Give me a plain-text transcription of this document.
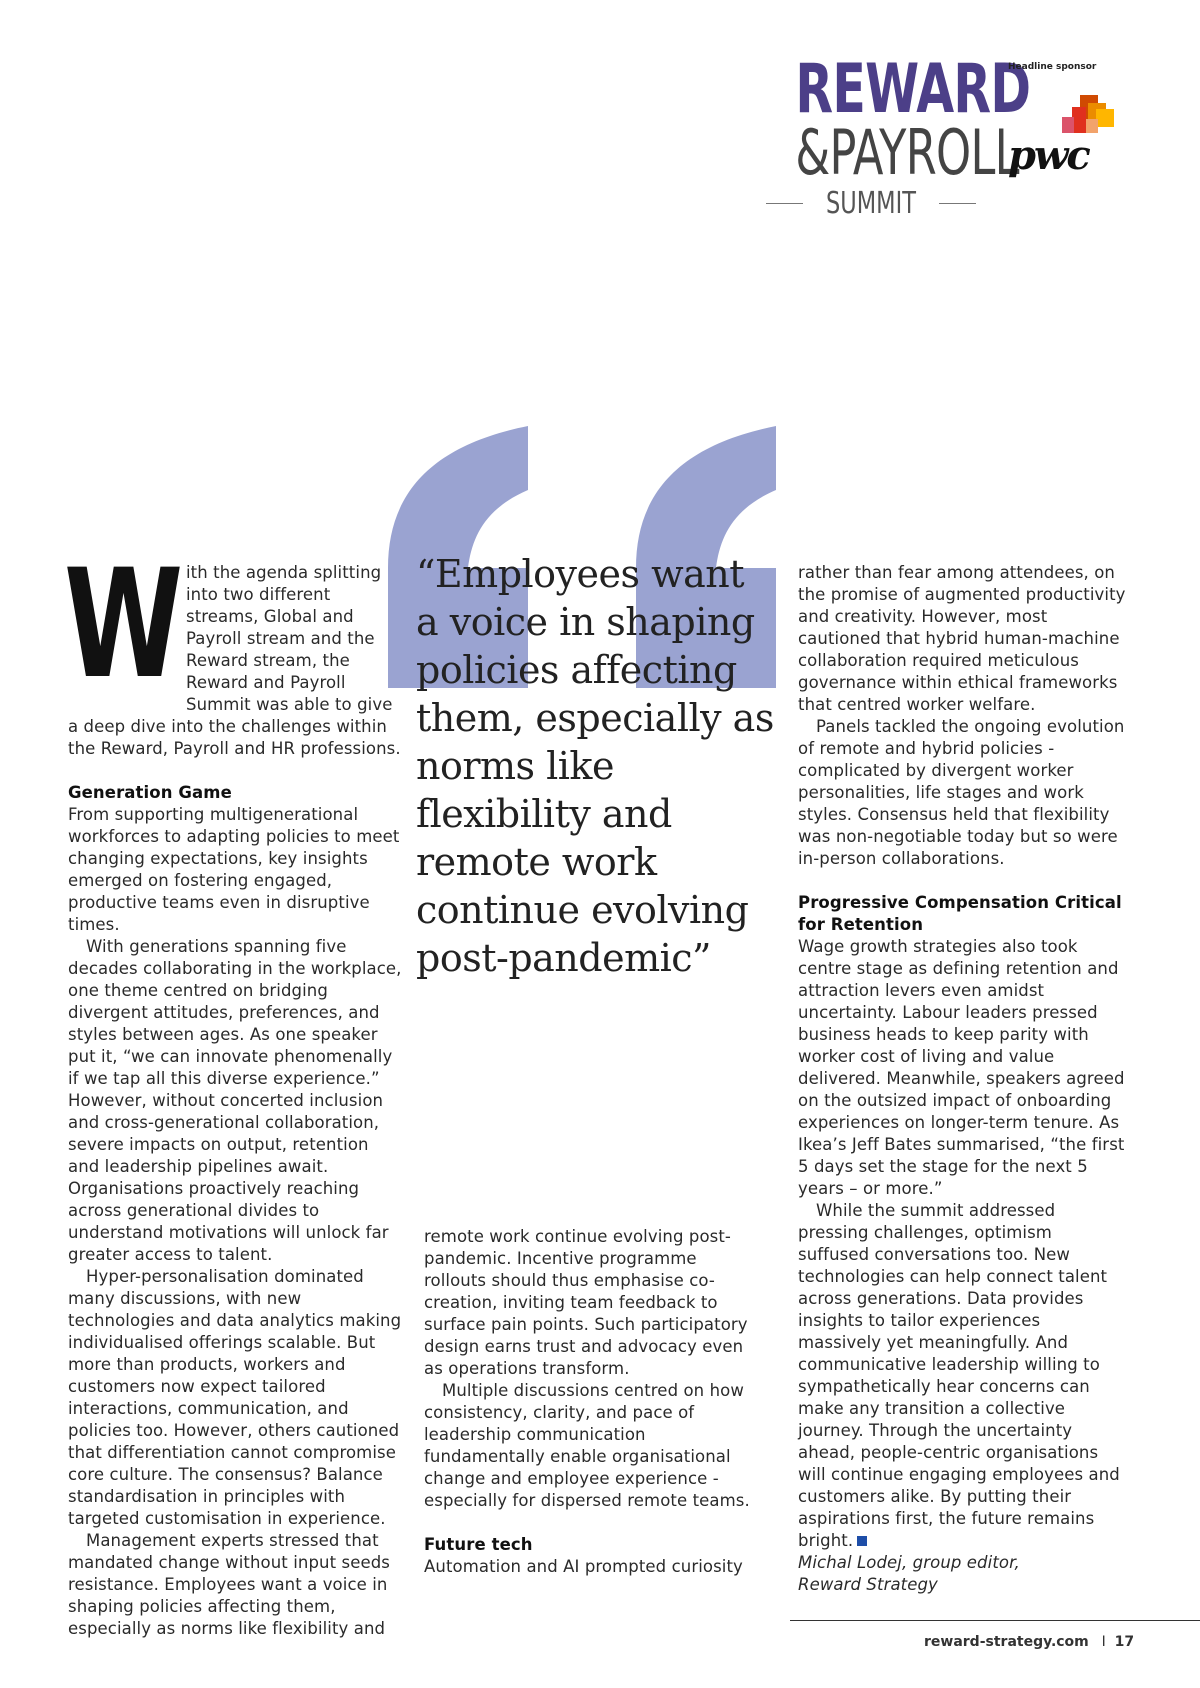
REWARD
&PAYROLL
SUMMIT
Headline sponsor
pwc
“Employees want a voice in shaping policies affecting them, especially as norms like flexibility and remote work continue evolving post-pandemic”
W ith the agenda splitting into two different streams, Global and Payroll stream and the Reward stream, the Reward and Payroll Summit was able to give a deep dive into the challenges within the Reward, Payroll and HR professions.

Generation Game

From supporting multigenerational workforces to adapting policies to meet changing expectations, key insights emerged on fostering engaged, productive teams even in disruptive times.

With generations spanning five decades collaborating in the workplace, one theme centred on bridging divergent attitudes, preferences, and styles between ages. As one speaker put it, “we can innovate phenomenally if we tap all this diverse experience.” However, without concerted inclusion and cross-generational collaboration, severe impacts on output, retention and leadership pipelines await. Organisations proactively reaching across generational divides to understand motivations will unlock far greater access to talent.

Hyper-personalisation dominated many discussions, with new technologies and data analytics making individualised offerings scalable. But more than products, workers and customers now expect tailored interactions, communication, and policies too. However, others cautioned that differentiation cannot compromise core culture. The consensus? Balance standardisation in principles with targeted customisation in experience.

Management experts stressed that mandated change without input seeds resistance. Employees want a voice in shaping policies affecting them, especially as norms like flexibility and

remote work continue evolving post-pandemic. Incentive programme rollouts should thus emphasise co-creation, inviting team feedback to surface pain points. Such participatory design earns trust and advocacy even as operations transform.

Multiple discussions centred on how consistency, clarity, and pace of leadership communication fundamentally enable organisational change and employee experience - especially for dispersed remote teams.

Future tech

Automation and AI prompted curiosity

rather than fear among attendees, on the promise of augmented productivity and creativity. However, most cautioned that hybrid human-machine collaboration required meticulous governance within ethical frameworks that centred worker welfare.

Panels tackled the ongoing evolution of remote and hybrid policies - complicated by divergent worker personalities, life stages and work styles. Consensus held that flexibility was non-negotiable today but so were in-person collaborations.

Progressive Compensation Critical for Retention

Wage growth strategies also took centre stage as defining retention and attraction levers even amidst uncertainty. Labour leaders pressed business heads to keep parity with worker cost of living and value delivered. Meanwhile, speakers agreed on the outsized impact of onboarding experiences on longer-term tenure. As Ikea’s Jeff Bates summarised, “the first 5 days set the stage for the next 5 years – or more.”

While the summit addressed pressing challenges, optimism suffused conversations too. New technologies can help connect talent across generations. Data provides insights to tailor experiences massively yet meaningfully. And communicative leadership willing to sympathetically hear concerns can make any transition a collective journey. Through the uncertainty ahead, people-centric organisations will continue engaging employees and customers alike. By putting their aspirations first, the future remains bright.

Michal Lodej, group editor,

Reward Strategy

reward-strategy.com I 17
